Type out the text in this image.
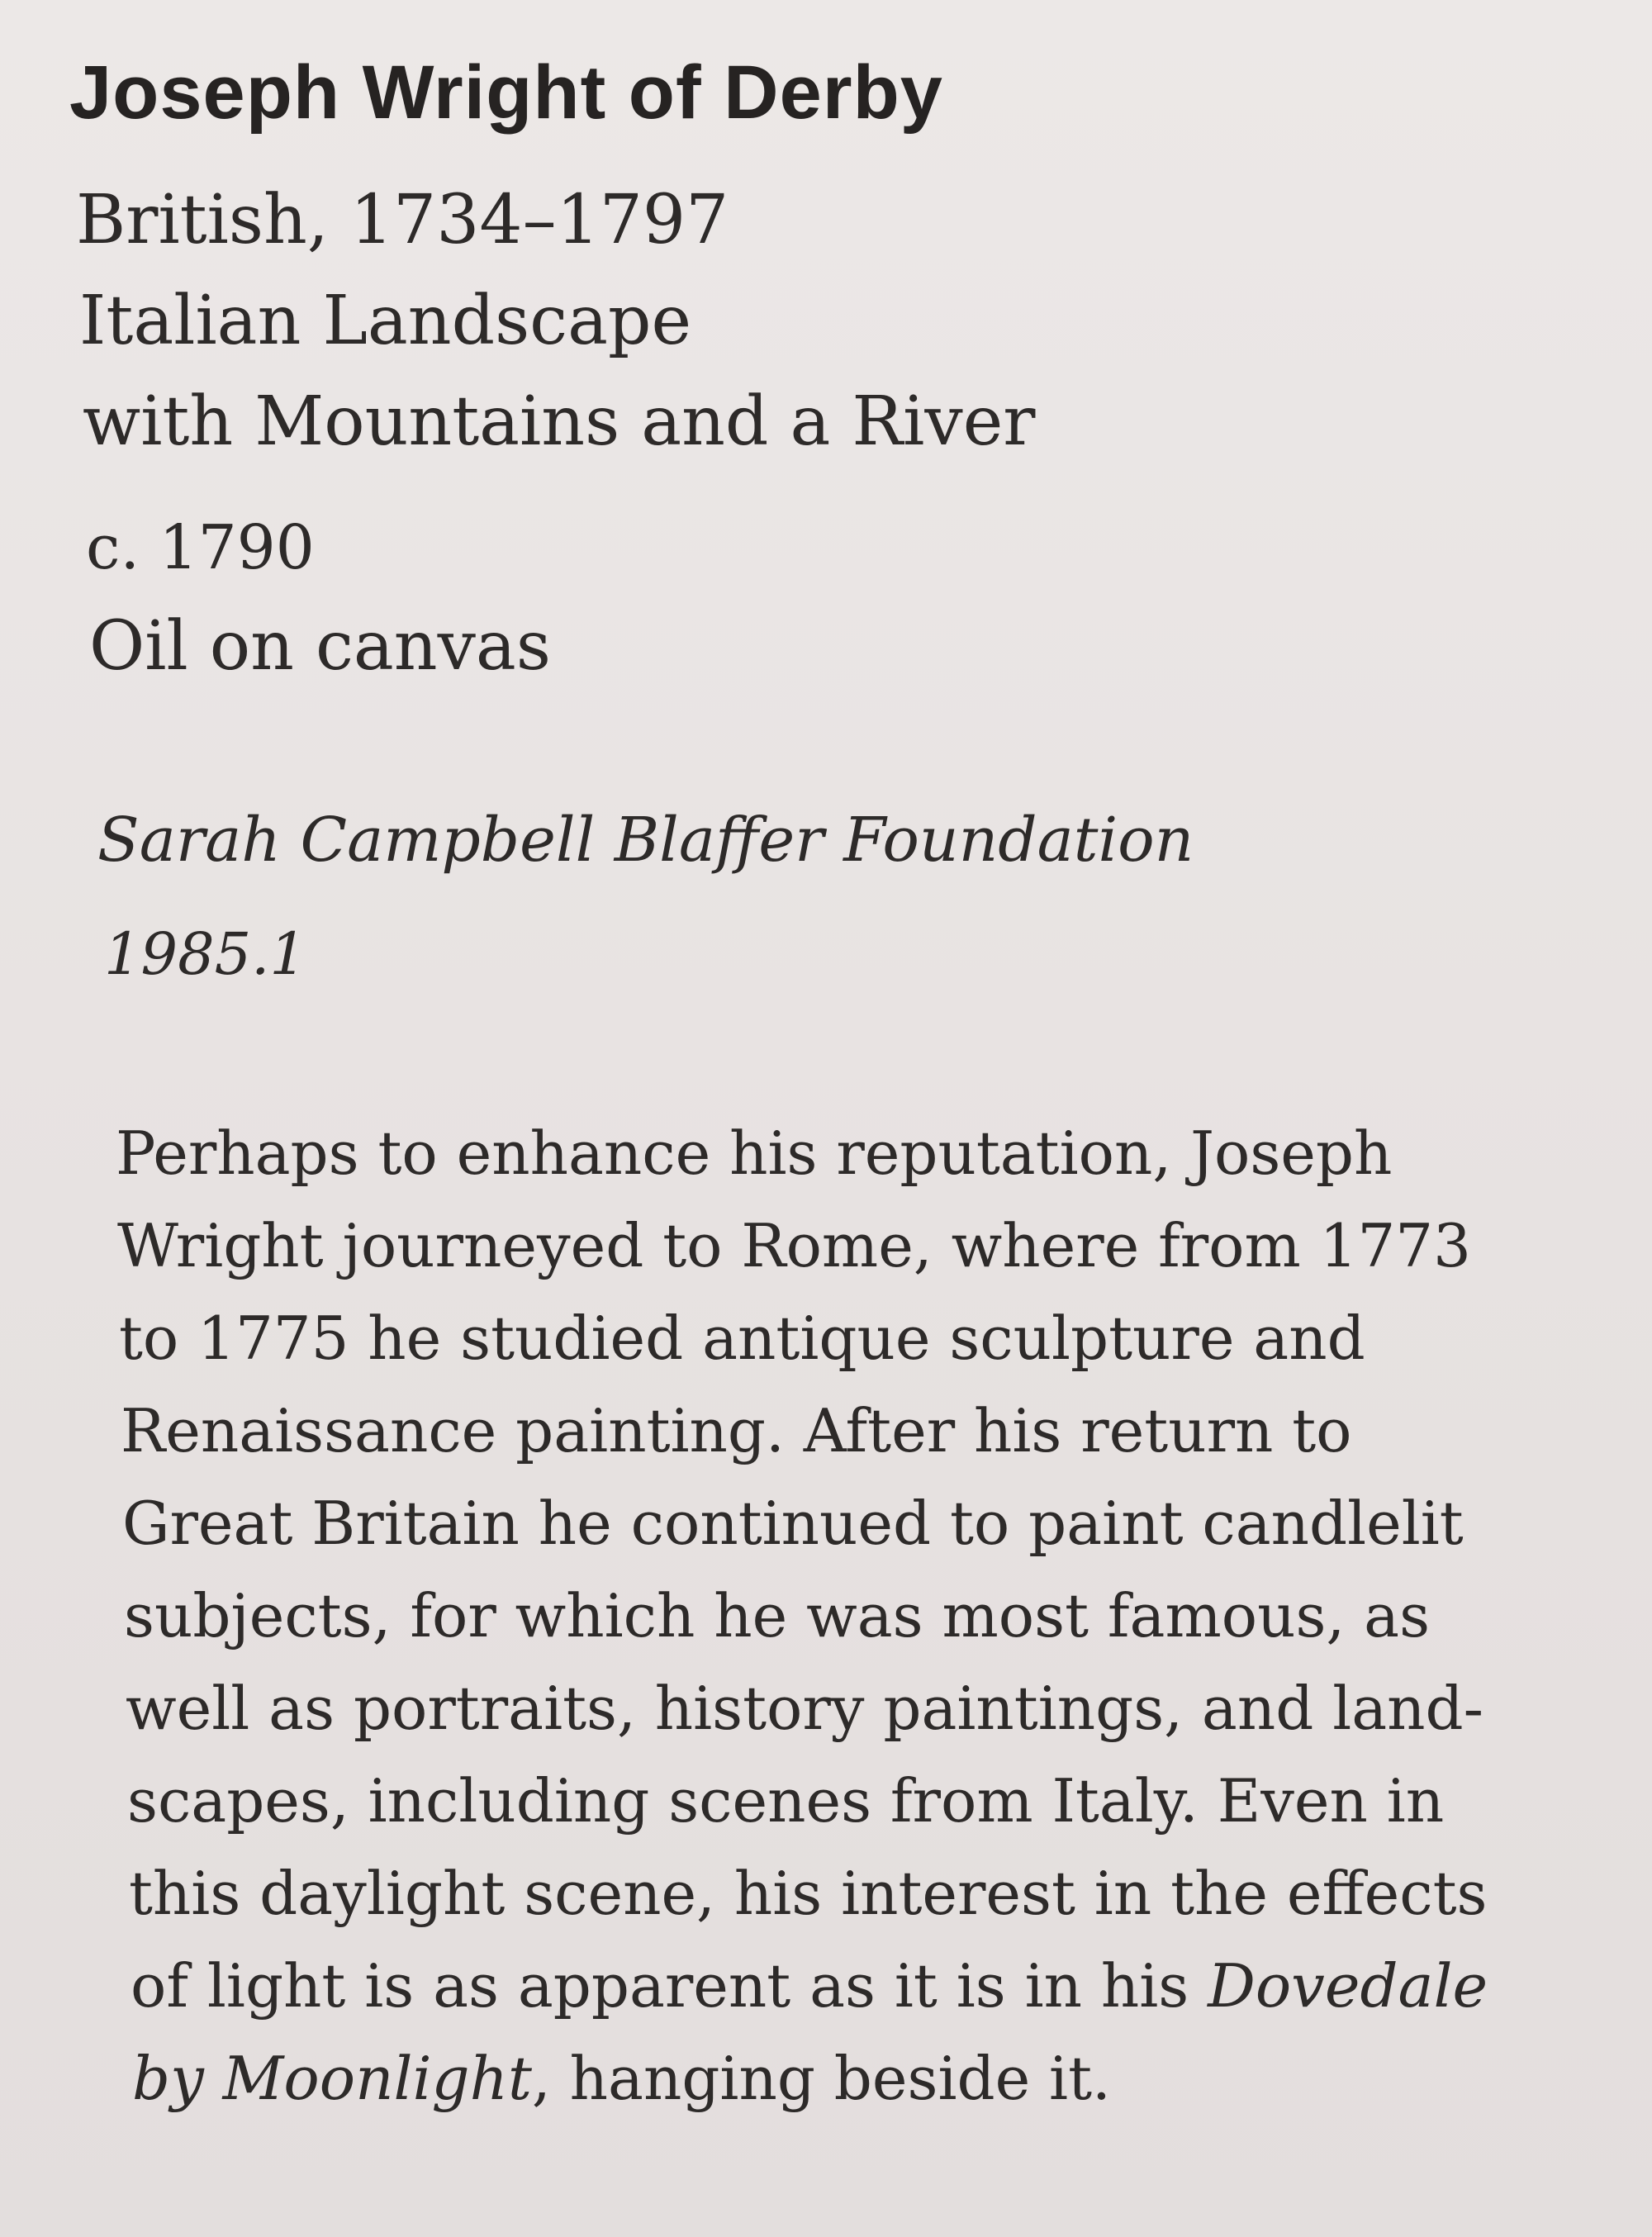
Joseph Wright of Derby
British, 1734–1797
Italian Landscape
with Mountains and a River
c. 1790
Oil on canvas
Sarah Campbell Blaffer Foundation
1985.1
Perhaps to enhance his reputation, Joseph
Wright journeyed to Rome, where from 1773
to 1775 he studied antique sculpture and
Renaissance painting. After his return to
Great Britain he continued to paint candlelit
subjects, for which he was most famous, as
well as portraits, history paintings, and land-
scapes, including scenes from Italy. Even in
this daylight scene, his interest in the effects
of light is as apparent as it is in his Dovedale
by Moonlight, hanging beside it.
